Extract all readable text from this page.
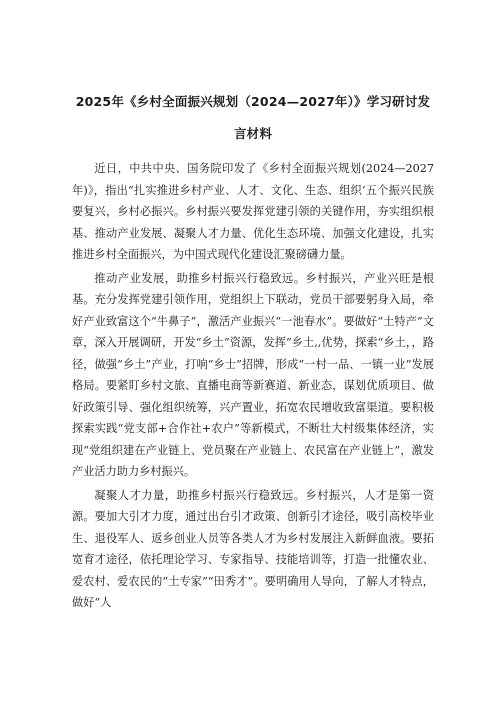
2025年《乡村全面振兴规划（2024—2027年）》学习研讨发
言材料

近日，中共中央、国务院印发了《乡村全面振兴规划(2024—2027年)》，指出“扎实推进乡村产业、人才、文化、生态、组织’五个振兴民族要复兴，乡村必振兴。乡村振兴要发挥党建引领的关键作用，夯实组织根基、推动产业发展、凝聚人才力量、优化生态环境、加强文化建设，扎实推进乡村全面振兴，为中国式现代化建设汇聚磅礴力量。

推动产业发展，助推乡村振兴行稳致远。乡村振兴，产业兴旺是根基。充分发挥党建引领作用，党组织上下联动，党员干部要躬身入局，牵好产业致富这个“牛鼻子”，激活产业振兴“一池春水”。要做好“土特产”文章，深入开展调研，开发“乡土”资源，发挥“乡土,,优势，探索“乡土，，路径，做强“乡土”产业，打响“乡士”招牌，形成“一村一品、一镇一业”发展格局。要紧盯乡村文旅、直播电商等新赛道、新业态，谋划优质项目、做好政策引导、强化组织统筹，兴产置业，拓宽农民增收致富渠道。要积极探索实践“党支部+合作社+农户”等新模式，不断壮大村级集体经济，实现“党组织建在产业链上、党员聚在产业链上、农民富在产业链上”，激发产业活力助力乡村振兴。

凝聚人才力量，助推乡村振兴行稳致远。乡村振兴，人才是第一资源。要加大引才力度，通过出台引才政策、创新引才途径，吸引高校毕业生、退役军人、返乡创业人员等各类人才为乡村发展注入新鲜血液。要拓宽育才途径，依托理论学习、专家指导、技能培训等，打造一批懂农业、爱农村、爱农民的“土专家”“田秀才”。要明确用人导向，了解人才特点，做好“人
